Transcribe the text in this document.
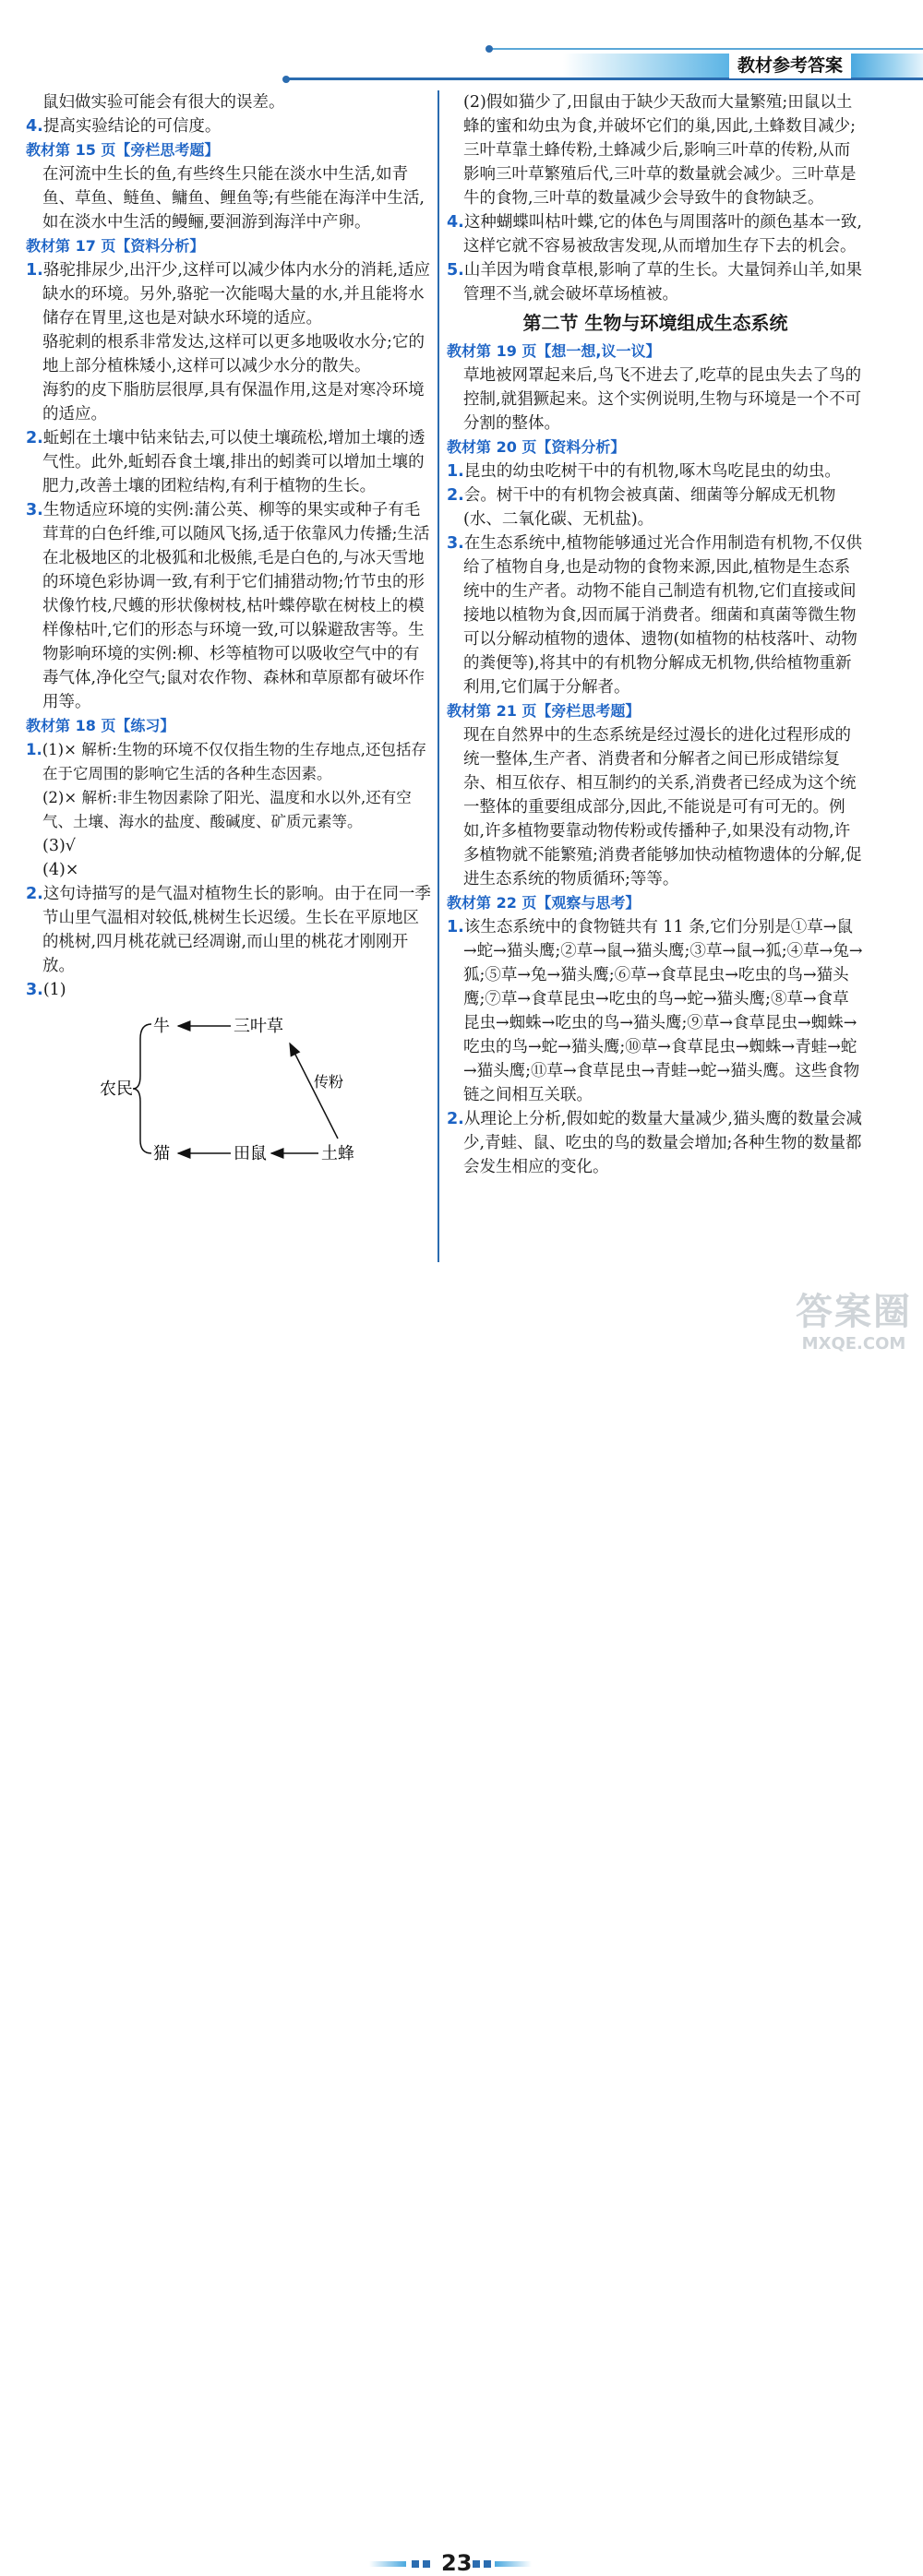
教材参考答案

鼠妇做实验可能会有很大的误差。

4.提高实验结论的可信度。

教材第 15 页【旁栏思考题】

在河流中生长的鱼,有些终生只能在淡水中生活,如青鱼、草鱼、鲢鱼、鳙鱼、鲤鱼等;有些能在海洋中生活,如在淡水中生活的鳗鲡,要洄游到海洋中产卵。

教材第 17 页【资料分析】

1.骆驼排尿少,出汗少,这样可以减少体内水分的消耗,适应缺水的环境。另外,骆驼一次能喝大量的水,并且能将水储存在胃里,这也是对缺水环境的适应。

骆驼刺的根系非常发达,这样可以更多地吸收水分;它的地上部分植株矮小,这样可以减少水分的散失。

海豹的皮下脂肪层很厚,具有保温作用,这是对寒冷环境的适应。

2.蚯蚓在土壤中钻来钻去,可以使土壤疏松,增加土壤的透气性。此外,蚯蚓吞食土壤,排出的蚓粪可以增加土壤的肥力,改善土壤的团粒结构,有利于植物的生长。

3.生物适应环境的实例:蒲公英、柳等的果实或种子有毛茸茸的白色纤维,可以随风飞扬,适于依靠风力传播;生活在北极地区的北极狐和北极熊,毛是白色的,与冰天雪地的环境色彩协调一致,有利于它们捕猎动物;竹节虫的形状像竹枝,尺蠖的形状像树枝,枯叶蝶停歇在树枝上的模样像枯叶,它们的形态与环境一致,可以躲避敌害等。生物影响环境的实例:柳、杉等植物可以吸收空气中的有毒气体,净化空气;鼠对农作物、森林和草原都有破坏作用等。

教材第 18 页【练习】

1.(1)× 解析:生物的环境不仅仅指生物的生存地点,还包括存在于它周围的影响它生活的各种生态因素。

(2)× 解析:非生物因素除了阳光、温度和水以外,还有空气、土壤、海水的盐度、酸碱度、矿质元素等。

(3)√

(4)×

2.这句诗描写的是气温对植物生长的影响。由于在同一季节山里气温相对较低,桃树生长迟缓。生长在平原地区的桃树,四月桃花就已经凋谢,而山里的桃花才刚刚开放。

3.(1)

牛	三叶草
农民	传粉
猫	田鼠	土蜂

(2)假如猫少了,田鼠由于缺少天敌而大量繁殖;田鼠以土蜂的蜜和幼虫为食,并破坏它们的巢,因此,土蜂数目减少;三叶草靠土蜂传粉,土蜂减少后,影响三叶草的传粉,从而影响三叶草繁殖后代,三叶草的数量就会减少。三叶草是牛的食物,三叶草的数量减少会导致牛的食物缺乏。

4.这种蝴蝶叫枯叶蝶,它的体色与周围落叶的颜色基本一致,这样它就不容易被敌害发现,从而增加生存下去的机会。

5.山羊因为啃食草根,影响了草的生长。大量饲养山羊,如果管理不当,就会破坏草场植被。

第二节 生物与环境组成生态系统

教材第 19 页【想一想,议一议】

草地被网罩起来后,鸟飞不进去了,吃草的昆虫失去了鸟的控制,就猖獗起来。这个实例说明,生物与环境是一个不可分割的整体。

教材第 20 页【资料分析】

1.昆虫的幼虫吃树干中的有机物,啄木鸟吃昆虫的幼虫。

2.会。树干中的有机物会被真菌、细菌等分解成无机物(水、二氧化碳、无机盐)。

3.在生态系统中,植物能够通过光合作用制造有机物,不仅供给了植物自身,也是动物的食物来源,因此,植物是生态系统中的生产者。动物不能自己制造有机物,它们直接或间接地以植物为食,因而属于消费者。细菌和真菌等微生物可以分解动植物的遗体、遗物(如植物的枯枝落叶、动物的粪便等),将其中的有机物分解成无机物,供给植物重新利用,它们属于分解者。

教材第 21 页【旁栏思考题】

现在自然界中的生态系统是经过漫长的进化过程形成的统一整体,生产者、消费者和分解者之间已形成错综复杂、相互依存、相互制约的关系,消费者已经成为这个统一整体的重要组成部分,因此,不能说是可有可无的。例如,许多植物要靠动物传粉或传播种子,如果没有动物,许多植物就不能繁殖;消费者能够加快动植物遗体的分解,促进生态系统的物质循环;等等。

教材第 22 页【观察与思考】

1.该生态系统中的食物链共有 11 条,它们分别是①草→鼠→蛇→猫头鹰;②草→鼠→猫头鹰;③草→鼠→狐;④草→兔→狐;⑤草→兔→猫头鹰;⑥草→食草昆虫→吃虫的鸟→猫头鹰;⑦草→食草昆虫→吃虫的鸟→蛇→猫头鹰;⑧草→食草昆虫→蜘蛛→吃虫的鸟→猫头鹰;⑨草→食草昆虫→蜘蛛→吃虫的鸟→蛇→猫头鹰;⑩草→食草昆虫→蜘蛛→青蛙→蛇→猫头鹰;⑪草→食草昆虫→青蛙→蛇→猫头鹰。这些食物链之间相互关联。

2.从理论上分析,假如蛇的数量大量减少,猫头鹰的数量会减少,青蛙、鼠、吃虫的鸟的数量会增加;各种生物的数量都会发生相应的变化。

23
答案圈
MXQE.COM
